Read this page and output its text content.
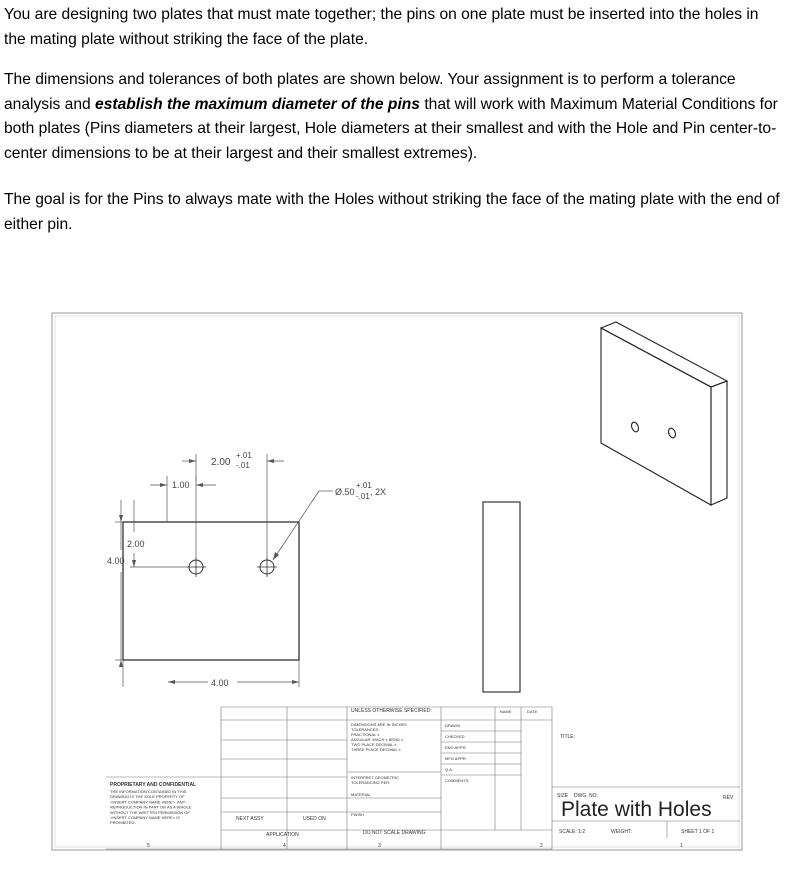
You are designing two plates that must mate together; the pins on one plate must be inserted into the holes in the mating plate without striking the face of the plate.

The dimensions and tolerances of both plates are shown below. Your assignment is to perform a tolerance analysis and establish the maximum diameter of the pins that will work with Maximum Material Conditions for both plates (Pins diameters at their largest, Hole diameters at their smallest and with the Hole and Pin center-to-center dimensions to be at their largest and their smallest extremes).

The goal is for the Pins to always mate with the Holes without striking the face of the mating plate with the end of either pin.

2.00
+.01
-.01
1.00
Ø.50
+.01
-.01 , 2X
2.00
4.00
4.00
PROPRIETARY AND CONFIDENTIAL
THE INFORMATION CONTAINED IN THIS
DRAWING IS THE SOLE PROPERTY OF
<INSERT COMPANY NAME HERE>. ANY
REPRODUCTION IN PART OR AS A WHOLE
WITHOUT THE WRITTEN PERMISSION OF
<INSERT COMPANY NAME HERE> IS
PROHIBITED.
NEXT ASSY	USED ON
APPLICATION
UNLESS OTHERWISE SPECIFIED:
DIMENSIONS ARE IN INCHES
TOLERANCES:
FRACTIONAL ±
ANGULAR: MACH ± BEND ±
TWO PLACE DECIMAL ±
THREE PLACE DECIMAL ±
INTERPRET GEOMETRIC
TOLERANCING PER:
MATERIAL
FINISH
DO NOT SCALE DRAWING
NAME	DATE
DRAWN
CHECKED
ENG APPR.
MFG APPR.
Q.A.
COMMENTS:
TITLE:
SIZE DWG. NO.	REV
Plate with Holes
SCALE: 1:2	WEIGHT:	SHEET 1 OF 1
5	4	3	2	1
